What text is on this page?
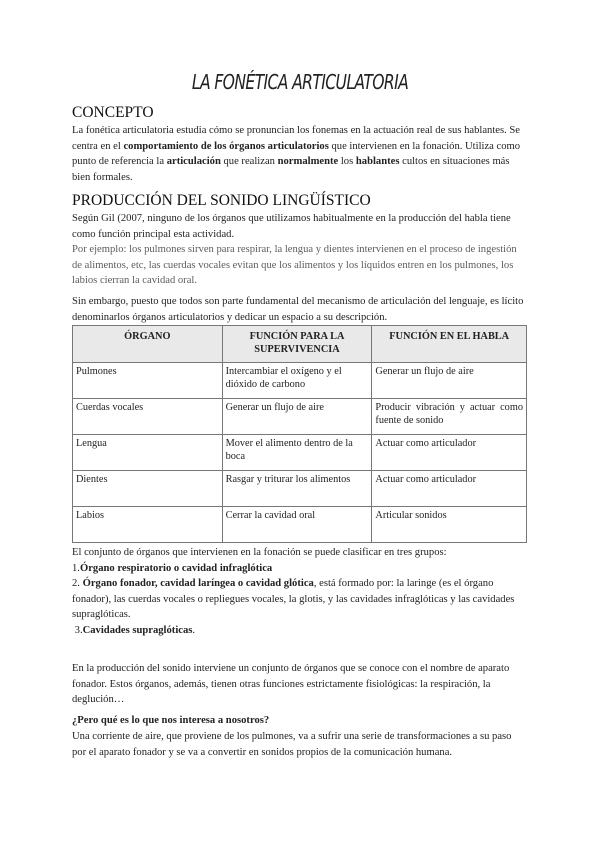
LA FONÉTICA ARTICULATORIA
CONCEPTO

La fonética articulatoria estudia cómo se pronuncian los fonemas en la actuación real de sus hablantes. Se centra en el comportamiento de los órganos articulatorios que intervienen en la fonación. Utiliza como punto de referencia la articulación que realizan normalmente los hablantes cultos en situaciones más bien formales.

PRODUCCIÓN DEL SONIDO LINGÜÍSTICO

Según Gil (2007, ninguno de los órganos que utilizamos habitualmente en la producción del habla tiene como función principal esta actividad.

Por ejemplo: los pulmones sirven para respirar, la lengua y dientes intervienen en el proceso de ingestión de alimentos, etc, las cuerdas vocales evitan que los alimentos y los líquidos entren en los pulmones, los labios cierran la cavidad oral.

Sin embargo, puesto que todos son parte fundamental del mecanismo de articulación del lenguaje, es lícito denominarlos órganos articulatorios y dedicar un espacio a su descripción.

ÓRGANO	FUNCIÓN PARA LA SUPERVIVENCIA	FUNCIÓN EN EL HABLA
Pulmones	Intercambiar el oxígeno y el dióxido de carbono	Generar un flujo de aire
Cuerdas vocales	Generar un flujo de aire	Producir vibración y actuar como fuente de sonido
Lengua	Mover el alimento dentro de la boca	Actuar como articulador
Dientes	Rasgar y triturar los alimentos	Actuar como articulador
Labios	Cerrar la cavidad oral	Articular sonidos
El conjunto de órganos que intervienen en la fonación se puede clasificar en tres grupos:
1.Órgano respiratorio o cavidad infraglótica
2. Órgano fonador, cavidad laríngea o cavidad glótica, está formado por: la laringe (es el órgano fonador), las cuerdas vocales o repliegues vocales, la glotis, y las cavidades infraglóticas y las cavidades supraglóticas.
3.Cavidades supraglóticas.

En la producción del sonido interviene un conjunto de órganos que se conoce con el nombre de aparato fonador. Estos órganos, además, tienen otras funciones estrictamente fisiológicas: la respiración, la deglución…

¿Pero qué es lo que nos interesa a nosotros?

Una corriente de aire, que proviene de los pulmones, va a sufrir una serie de transformaciones a su paso por el aparato fonador y se va a convertir en sonidos propios de la comunicación humana.
